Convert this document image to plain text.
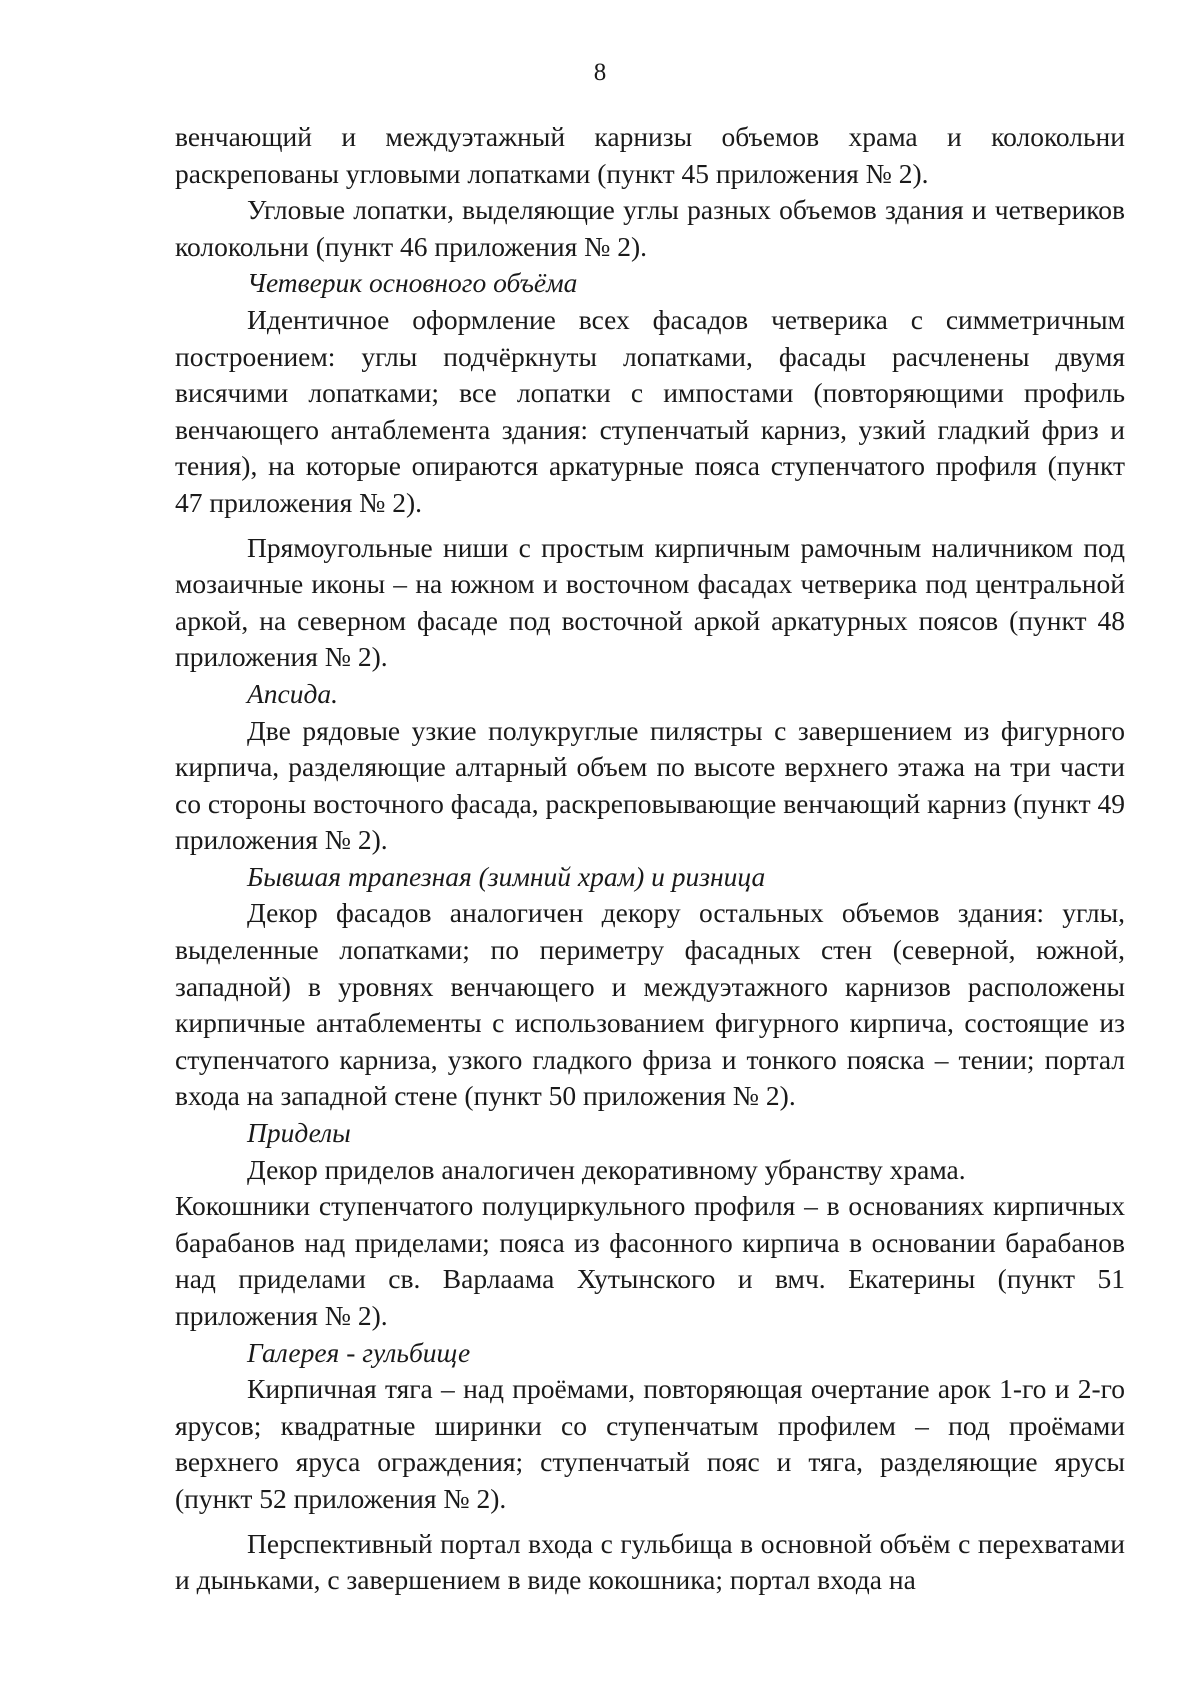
8

венчающий и междуэтажный карнизы объемов храма и колокольни раскрепованы угловыми лопатками (пункт 45 приложения № 2).

Угловые лопатки, выделяющие углы разных объемов здания и четвериков колокольни (пункт 46 приложения № 2).

Четверик основного объёма

Идентичное оформление всех фасадов четверика с симметричным построением: углы подчёркнуты лопатками, фасады расчленены двумя висячими лопатками; все лопатки с импостами (повторяющими профиль венчающего антаблемента здания: ступенчатый карниз, узкий гладкий фриз и тения), на которые опираются аркатурные пояса ступенчатого профиля (пункт 47 приложения № 2).

Прямоугольные ниши с простым кирпичным рамочным наличником под мозаичные иконы – на южном и восточном фасадах четверика под центральной аркой, на северном фасаде под восточной аркой аркатурных поясов (пункт 48 приложения № 2).

Апсида.

Две рядовые узкие полукруглые пилястры с завершением из фигурного кирпича, разделяющие алтарный объем по высоте верхнего этажа на три части со стороны восточного фасада, раскреповывающие венчающий карниз (пункт 49 приложения № 2).

Бывшая трапезная (зимний храм) и ризница

Декор фасадов аналогичен декору остальных объемов здания: углы, выделенные лопатками; по периметру фасадных стен (северной, южной, западной) в уровнях венчающего и междуэтажного карнизов расположены кирпичные антаблементы с использованием фигурного кирпича, состоящие из ступенчатого карниза, узкого гладкого фриза и тонкого пояска – тении; портал входа на западной стене (пункт 50 приложения № 2).

Приделы

Декор приделов аналогичен декоративному убранству храма.

Кокошники ступенчатого полуциркульного профиля – в основаниях кирпичных барабанов над приделами; пояса из фасонного кирпича в основании барабанов над приделами св. Варлаама Хутынского и вмч. Екатерины (пункт 51 приложения № 2).

Галерея - гульбище

Кирпичная тяга – над проёмами, повторяющая очертание арок 1-го и 2-го ярусов; квадратные ширинки со ступенчатым профилем – под проёмами верхнего яруса ограждения; ступенчатый пояс и тяга, разделяющие ярусы (пункт 52 приложения № 2).

Перспективный портал входа с гульбища в основной объём с перехватами и дыньками, с завершением в виде кокошника; портал входа на
